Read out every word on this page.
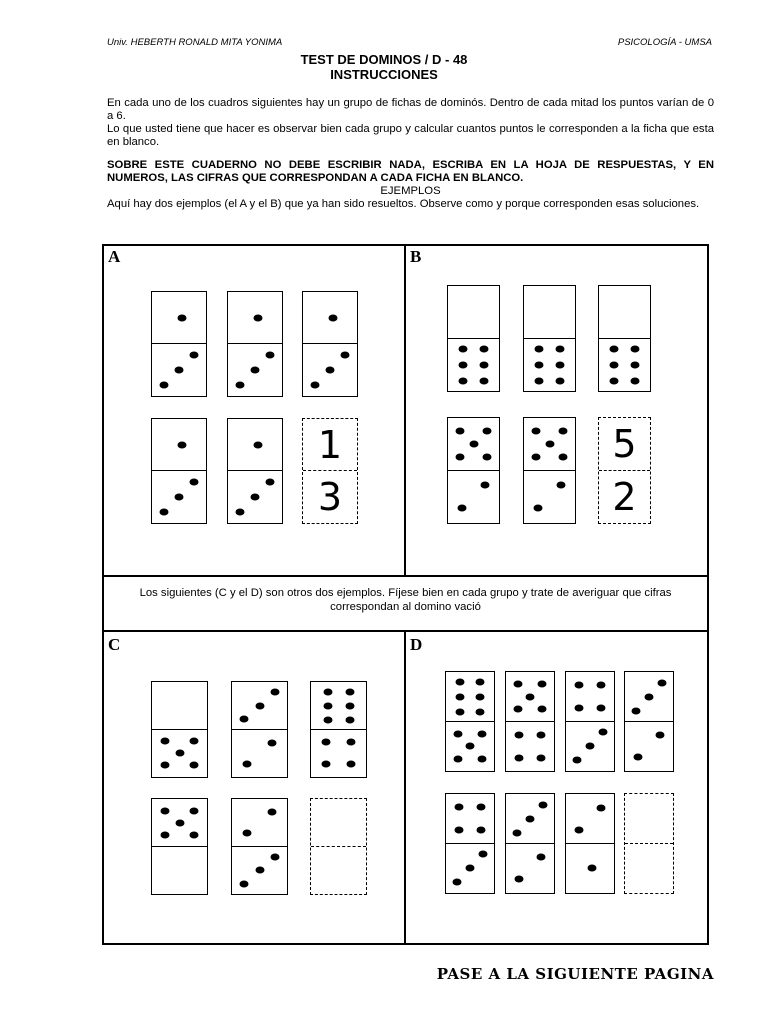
Univ. HEBERTH RONALD MITA YONIMA	PSICOLOGÍA - UMSA
TEST DE DOMINOS / D - 48
INSTRUCCIONES
En cada uno de los cuadros siguientes hay un grupo de fichas de dominós. Dentro de cada mitad los puntos varían de 0 a 6.
Lo que usted tiene que hacer es observar bien cada grupo y calcular cuantos puntos le corresponden a la ficha que esta en blanco.
SOBRE ESTE CUADERNO NO DEBE ESCRIBIR NADA, ESCRIBA EN LA HOJA DE RESPUESTAS, Y EN NUMEROS, LAS CIFRAS QUE CORRESPONDAN A CADA FICHA EN BLANCO.
EJEMPLOS
Aquí hay dos ejemplos (el A y el B) que ya han sido resueltos. Observe como y porque corresponden esas soluciones.
Los siguientes (C y el D) son otros dos ejemplos. Fíjese bien en cada grupo y trate de averiguar que cifras correspondan al domino vació
A
1
3
B
5
2
C	D
PASE A LA SIGUIENTE PAGINA
